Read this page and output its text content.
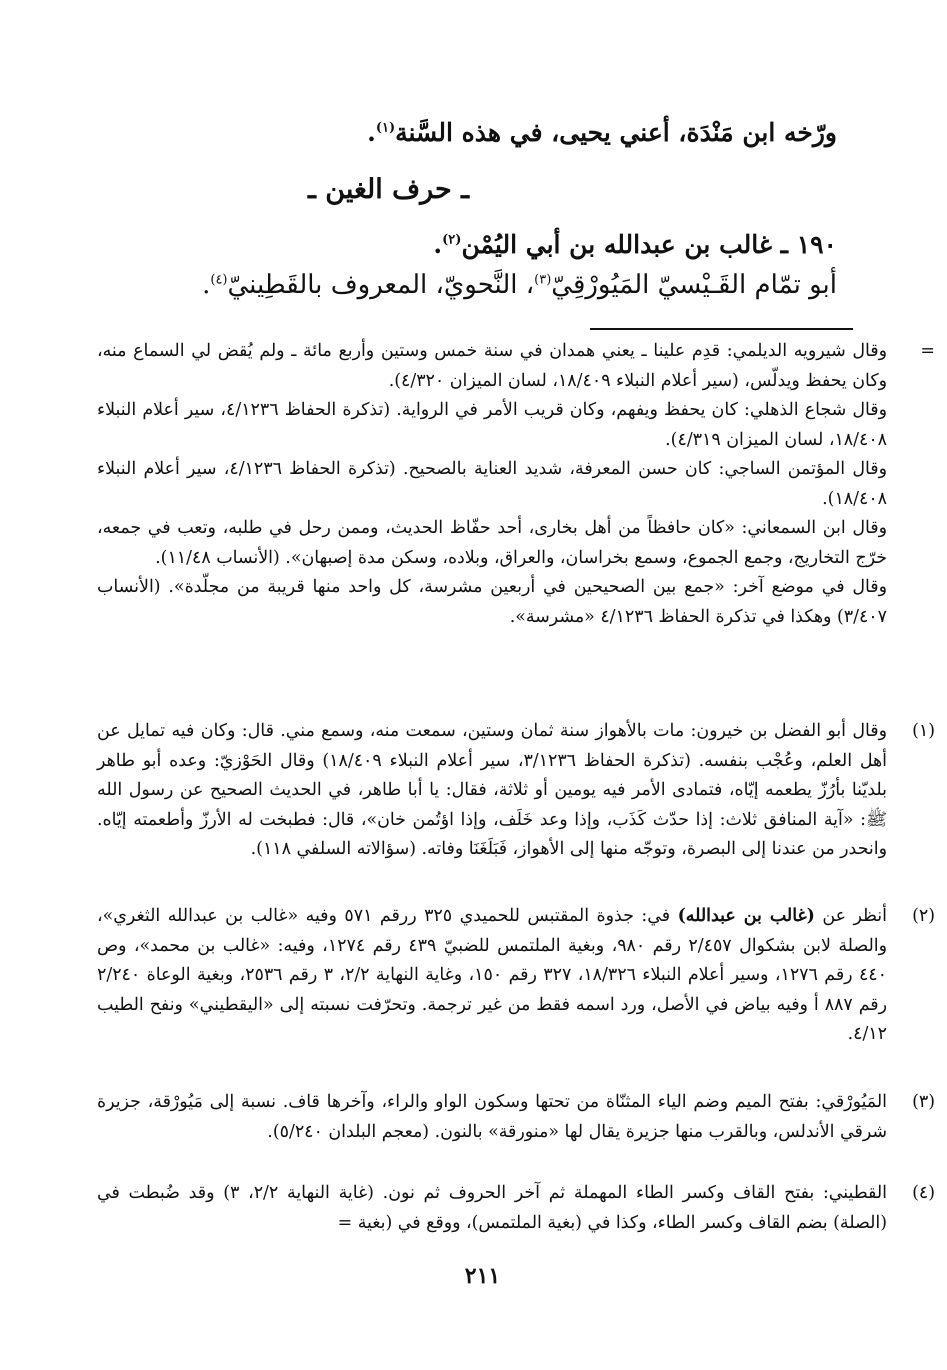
ورّخه ابن مَنْدَة، أعني يحيى، في هذه السَّنة$^{(١)}$.
ـ حرف الغين ـ
١٩٠ ـ غالب بن عبدالله بن أبي اليُمْن$^{(٢)}$.
أبو تمّام القَـيْسيّ المَيُورْقِيّ$^{(٣)}$، النَّحويّ، المعروف بالقَطِينيّ$^{(٤)}$.
=

وقال شيرويه الديلمي: قدِم علينا ـ يعني همدان في سنة خمس وستين وأربع مائة ـ ولم يُقض لي السماع منه، وكان يحفظ ويدلّس، (سير أعلام النبلاء ١٨/٤٠٩، لسان الميزان ٤/٣٢٠).

وقال شجاع الذهلي: كان يحفظ ويفهم، وكان قريب الأمر في الرواية. (تذكرة الحفاظ ٤/١٢٣٦، سير أعلام النبلاء ١٨/٤٠٨، لسان الميزان ٤/٣١٩).

وقال المؤتمن الساجي: كان حسن المعرفة، شديد العناية بالصحيح. (تذكرة الحفاظ ٤/١٢٣٦، سير أعلام النبلاء ١٨/٤٠٨).

وقال ابن السمعاني: «كان حافظاً من أهل بخارى، أحد حفّاظ الحديث، وممن رحل في طلبه، وتعب في جمعه، خرّج التخاريج، وجمع الجموع، وسمع بخراسان، والعراق، وبلاده، وسكن مدة إصبهان». (الأنساب ١١/٤٨).

وقال في موضع آخر: «جمع بين الصحيحين في أربعين مشرسة، كل واحد منها قريبة من مجلّدة». (الأنساب ٣/٤٠٧) وهكذا في تذكرة الحفاظ ٤/١٢٣٦ «مشرسة».

(١)

وقال أبو الفضل بن خيرون: مات بالأهواز سنة ثمان وستين، سمعت منه، وسمع مني. قال: وكان فيه تمايل عن أهل العلم، وعُجْب بنفسه. (تذكرة الحفاظ ٣/١٢٣٦، سير أعلام النبلاء ١٨/٤٠٩) وقال الحَوْزيّ: وعده أبو طاهر بلديّنا بأرُزّ يطعمه إيّاه، فتمادى الأمر فيه يومين أو ثلاثة، فقال: يا أبا طاهر، في الحديث الصحيح عن رسول الله ﷺ: «آية المنافق ثلاث: إذا حدّث كَذَب، وإذا وعد خَلَف، وإذا اؤتُمن خان»، قال: فطبخت له الأرزّ وأطعمته إيّاه. وانحدر من عندنا إلى البصرة، وتوجّه منها إلى الأهواز، فَبَلَغَنَا وفاته. (سؤالاته السلفي ١١٨).

(٢)

أنظر عن (غالب بن عبدالله) في: جذوة المقتبس للحميدي ٣٢٥ ررقم ٥٧١ وفيه «غالب بن عبدالله الثغري»، والصلة لابن بشكوال ٢/٤٥٧ رقم ٩٨٠، وبغية الملتمس للضبيّ ٤٣٩ رقم ١٢٧٤، وفيه: «غالب بن محمد»، وص ٤٤٠ رقم ١٢٧٦، وسير أعلام النبلاء ١٨/٣٢٦، ٣٢٧ رقم ١٥٠، وغاية النهاية ٢/٢، ٣ رقم ٢٥٣٦، وبغية الوعاة ٢/٢٤٠ رقم ٨٨٧ أ وفيه بياض في الأصل، ورد اسمه فقط من غير ترجمة. وتحرّفت نسبته إلى «اليقطيني» ونفح الطيب ٤/١٢.

(٣)

المَيُورْقي: بفتح الميم وضم الياء المثنّاة من تحتها وسكون الواو والراء، وآخرها قاف. نسبة إلى مَيُورْقة، جزيرة شرقي الأندلس، وبالقرب منها جزيرة يقال لها «منورقة» بالنون. (معجم البلدان ٥/٢٤٠).

(٤)

القطيني: بفتح القاف وكسر الطاء المهملة ثم آخر الحروف ثم نون. (غاية النهاية ٢/٢، ٣) وقد ضُبطت في (الصلة) بضم القاف وكسر الطاء، وكذا في (بغية الملتمس)، ووقع في (بغية =

٢١١
